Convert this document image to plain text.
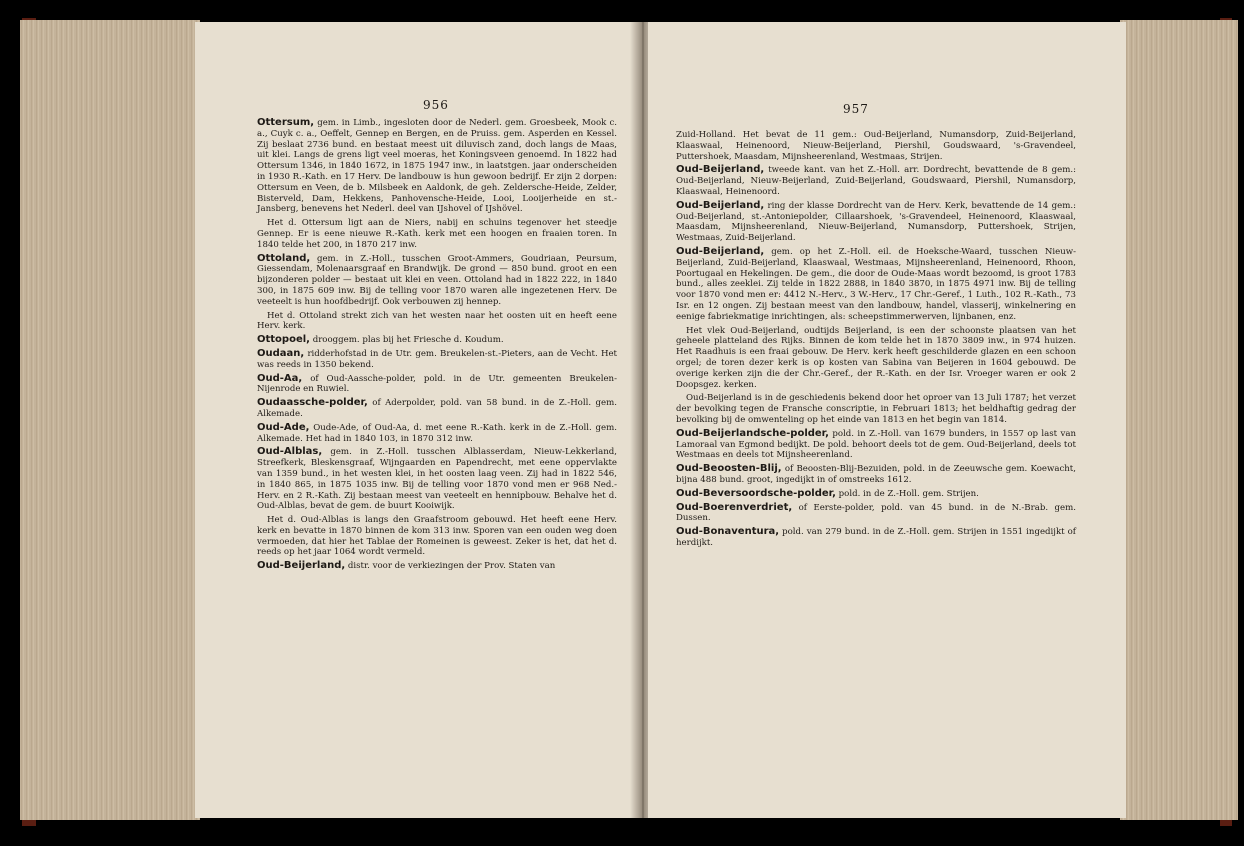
956

Ottersum, gem. in Limb., ingesloten door de Nederl. gem. Groesbeek, Mook c. a., Cuyk c. a., Oeffelt, Gennep en Bergen, en de Pruiss. gem. Asperden en Kessel. Zij beslaat 2736 bund. en bestaat meest uit diluvisch zand, doch langs de Maas, uit klei. Langs de grens ligt veel moeras, het Koningsveen genoemd. In 1822 had Ottersum 1346, in 1840 1672, in 1875 1947 inw., in laatstgen. jaar onderscheiden in 1930 R.-Kath. en 17 Herv. De landbouw is hun gewoon bedrijf. Er zijn 2 dorpen: Ottersum en Veen, de b. Milsbeek en Aaldonk, de geh. Zeldersche-Heide, Zelder, Bisterveld, Dam, Hekkens, Panhovensche-Heide, Looi, Looijerheide en st.-Jansberg, benevens het Nederl. deel van IJshovel of IJshövel.

Het d. Ottersum ligt aan de Niers, nabij en schuins tegenover het steedje Gennep. Er is eene nieuwe R.-Kath. kerk met een hoogen en fraaien toren. In 1840 telde het 200, in 1870 217 inw.

Ottoland, gem. in Z.-Holl., tusschen Groot-Ammers, Goudriaan, Peursum, Giessendam, Molenaarsgraaf en Brandwijk. De grond — 850 bund. groot en een bijzonderen polder — bestaat uit klei en veen. Ottoland had in 1822 222, in 1840 300, in 1875 609 inw. Bij de telling voor 1870 waren alle ingezetenen Herv. De veeteelt is hun hoofdbedrijf. Ook verbouwen zij hennep.

Het d. Ottoland strekt zich van het westen naar het oosten uit en heeft eene Herv. kerk.

Ottopoel, drooggem. plas bij het Friesche d. Koudum.

Oudaan, ridderhofstad in de Utr. gem. Breukelen-st.-Pieters, aan de Vecht. Het was reeds in 1350 bekend.

Oud-Aa, of Oud-Aassche-polder, pold. in de Utr. gemeenten Breukelen-Nijenrode en Ruwiel.

Oudaassche-polder, of Aderpolder, pold. van 58 bund. in de Z.-Holl. gem. Alkemade.

Oud-Ade, Oude-Ade, of Oud-Aa, d. met eene R.-Kath. kerk in de Z.-Holl. gem. Alkemade. Het had in 1840 103, in 1870 312 inw.

Oud-Alblas, gem. in Z.-Holl. tusschen Alblasserdam, Nieuw-Lekkerland, Streefkerk, Bleskensgraaf, Wijngaarden en Papendrecht, met eene oppervlakte van 1359 bund., in het westen klei, in het oosten laag veen. Zij had in 1822 546, in 1840 865, in 1875 1035 inw. Bij de telling voor 1870 vond men er 968 Ned.-Herv. en 2 R.-Kath. Zij bestaan meest van veeteelt en hennipbouw. Behalve het d. Oud-Alblas, bevat de gem. de buurt Kooiwijk.

Het d. Oud-Alblas is langs den Graafstroom gebouwd. Het heeft eene Herv. kerk en bevatte in 1870 binnen de kom 313 inw. Sporen van een ouden weg doen vermoeden, dat hier het Tablae der Romeinen is geweest. Zeker is het, dat het d. reeds op het jaar 1064 wordt vermeld.

Oud-Beijerland, distr. voor de verkiezingen der Prov. Staten van

957

Zuid-Holland. Het bevat de 11 gem.: Oud-Beijerland, Numansdorp, Zuid-Beijerland, Klaaswaal, Heinenoord, Nieuw-Beijerland, Piershil, Goudswaard, 's-Gravendeel, Puttershoek, Maasdam, Mijnsheerenland, Westmaas, Strijen.

Oud-Beijerland, tweede kant. van het Z.-Holl. arr. Dordrecht, bevattende de 8 gem.: Oud-Beijerland, Nieuw-Beijerland, Zuid-Beijerland, Goudswaard, Piershil, Numansdorp, Klaaswaal, Heinenoord.

Oud-Beijerland, ring der klasse Dordrecht van de Herv. Kerk, bevattende de 14 gem.: Oud-Beijerland, st.-Antoniepolder, Cillaarshoek, 's-Gravendeel, Heinenoord, Klaaswaal, Maasdam, Mijnsheerenland, Nieuw-Beijerland, Numansdorp, Puttershoek, Strijen, Westmaas, Zuid-Beijerland.

Oud-Beijerland, gem. op het Z.-Holl. eil. de Hoeksche-Waard, tusschen Nieuw-Beijerland, Zuid-Beijerland, Klaaswaal, Westmaas, Mijnsheerenland, Heinenoord, Rhoon, Poortugaal en Hekelingen. De gem., die door de Oude-Maas wordt bezoomd, is groot 1783 bund., alles zeeklei. Zij telde in 1822 2888, in 1840 3870, in 1875 4971 inw. Bij de telling voor 1870 vond men er: 4412 N.-Herv., 3 W.-Herv., 17 Chr.-Geref., 1 Luth., 102 R.-Kath., 73 Isr. en 12 ongen. Zij bestaan meest van den landbouw, handel, vlasserij, winkelnering en eenige fabriekmatige inrichtingen, als: scheepstimmerwerven, lijnbanen, enz.

Het vlek Oud-Beijerland, oudtijds Beijerland, is een der schoonste plaatsen van het geheele platteland des Rijks. Binnen de kom telde het in 1870 3809 inw., in 974 huizen. Het Raadhuis is een fraai gebouw. De Herv. kerk heeft geschilderde glazen en een schoon orgel; de toren dezer kerk is op kosten van Sabina van Beijeren in 1604 gebouwd. De overige kerken zijn die der Chr.-Geref., der R.-Kath. en der Isr. Vroeger waren er ook 2 Doopsgez. kerken.

Oud-Beijerland is in de geschiedenis bekend door het oproer van 13 Juli 1787; het verzet der bevolking tegen de Fransche conscriptie, in Februari 1813; het beldhaftig gedrag der bevolking bij de omwenteling op het einde van 1813 en het begin van 1814.

Oud-Beijerlandsche-polder, pold. in Z.-Holl. van 1679 bunders, in 1557 op last van Lamoraal van Egmond bedijkt. De pold. behoort deels tot de gem. Oud-Beijerland, deels tot Westmaas en deels tot Mijnsheerenland.

Oud-Beoosten-Blij, of Beoosten-Blij-Bezuiden, pold. in de Zeeuwsche gem. Koewacht, bijna 488 bund. groot, ingedijkt in of omstreeks 1612.

Oud-Beversoordsche-polder, pold. in de Z.-Holl. gem. Strijen.

Oud-Boerenverdriet, of Eerste-polder, pold. van 45 bund. in de N.-Brab. gem. Dussen.

Oud-Bonaventura, pold. van 279 bund. in de Z.-Holl. gem. Strijen in 1551 ingedijkt of herdijkt.
